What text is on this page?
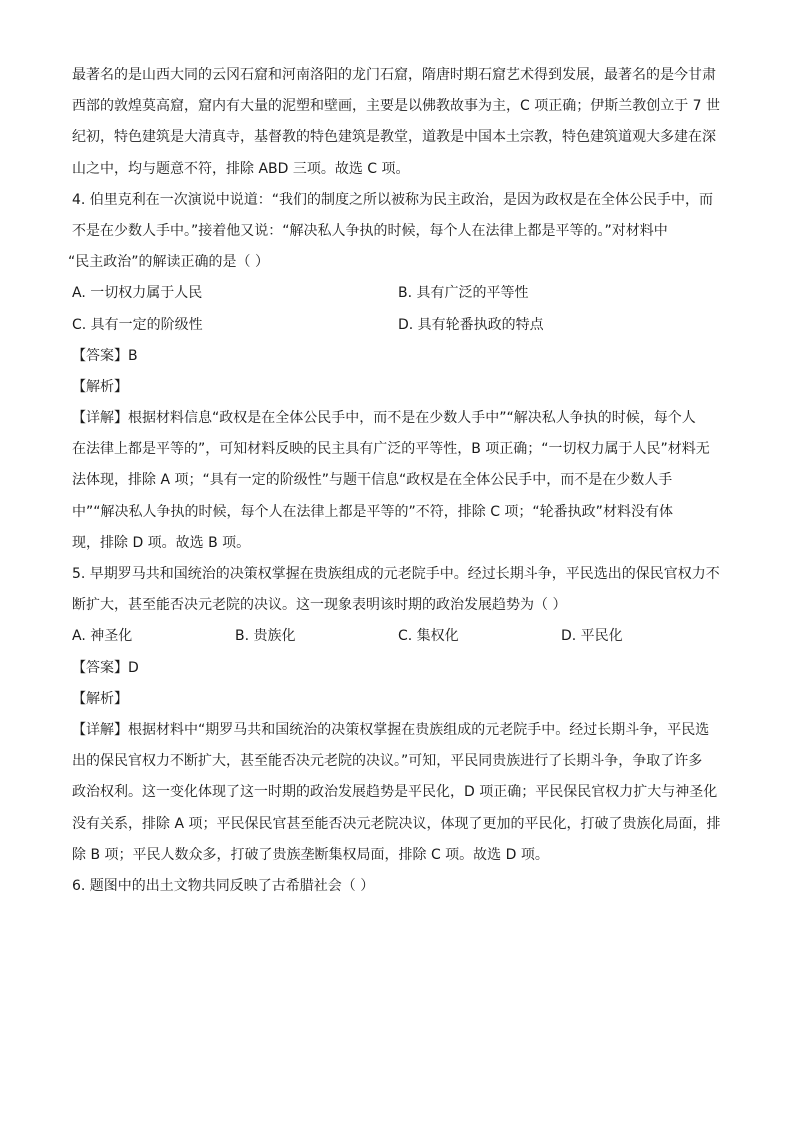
最著名的是山西大同的云冈石窟和河南洛阳的龙门石窟，隋唐时期石窟艺术得到发展，最著名的是今甘肃
西部的敦煌莫高窟，窟内有大量的泥塑和壁画，主要是以佛教故事为主，C 项正确；伊斯兰教创立于 7 世
纪初，特色建筑是大清真寺，基督教的特色建筑是教堂，道教是中国本土宗教，特色建筑道观大多建在深
山之中，均与题意不符，排除 ABD 三项。故选 C 项。
4. 伯里克利在一次演说中说道：“我们的制度之所以被称为民主政治，是因为政权是在全体公民手中，而
不是在少数人手中。”接着他又说：“解决私人争执的时候，每个人在法律上都是平等的。”对材料中
“民主政治”的解读正确的是（ ）
A. 一切权力属于人民	B. 具有广泛的平等性
C. 具有一定的阶级性	D. 具有轮番执政的特点
【答案】B
【解析】
【详解】根据材料信息“政权是在全体公民手中，而不是在少数人手中”“解决私人争执的时候，每个人
在法律上都是平等的”，可知材料反映的民主具有广泛的平等性，B 项正确；“一切权力属于人民”材料无
法体现，排除 A 项；“具有一定的阶级性”与题干信息“政权是在全体公民手中，而不是在少数人手
中”“解决私人争执的时候，每个人在法律上都是平等的”不符，排除 C 项；“轮番执政”材料没有体
现，排除 D 项。故选 B 项。
5. 早期罗马共和国统治的决策权掌握在贵族组成的元老院手中。经过长期斗争，平民选出的保民官权力不
断扩大，甚至能否决元老院的决议。这一现象表明该时期的政治发展趋势为（ ）
A. 神圣化	B. 贵族化	C. 集权化	D. 平民化
【答案】D
【解析】
【详解】根据材料中“期罗马共和国统治的决策权掌握在贵族组成的元老院手中。经过长期斗争，平民选
出的保民官权力不断扩大，甚至能否决元老院的决议。”可知，平民同贵族进行了长期斗争，争取了许多
政治权利。这一变化体现了这一时期的政治发展趋势是平民化，D 项正确；平民保民官权力扩大与神圣化
没有关系，排除 A 项；平民保民官甚至能否决元老院决议，体现了更加的平民化，打破了贵族化局面，排
除 B 项；平民人数众多，打破了贵族垄断集权局面，排除 C 项。故选 D 项。
6. 题图中的出土文物共同反映了古希腊社会（ ）
